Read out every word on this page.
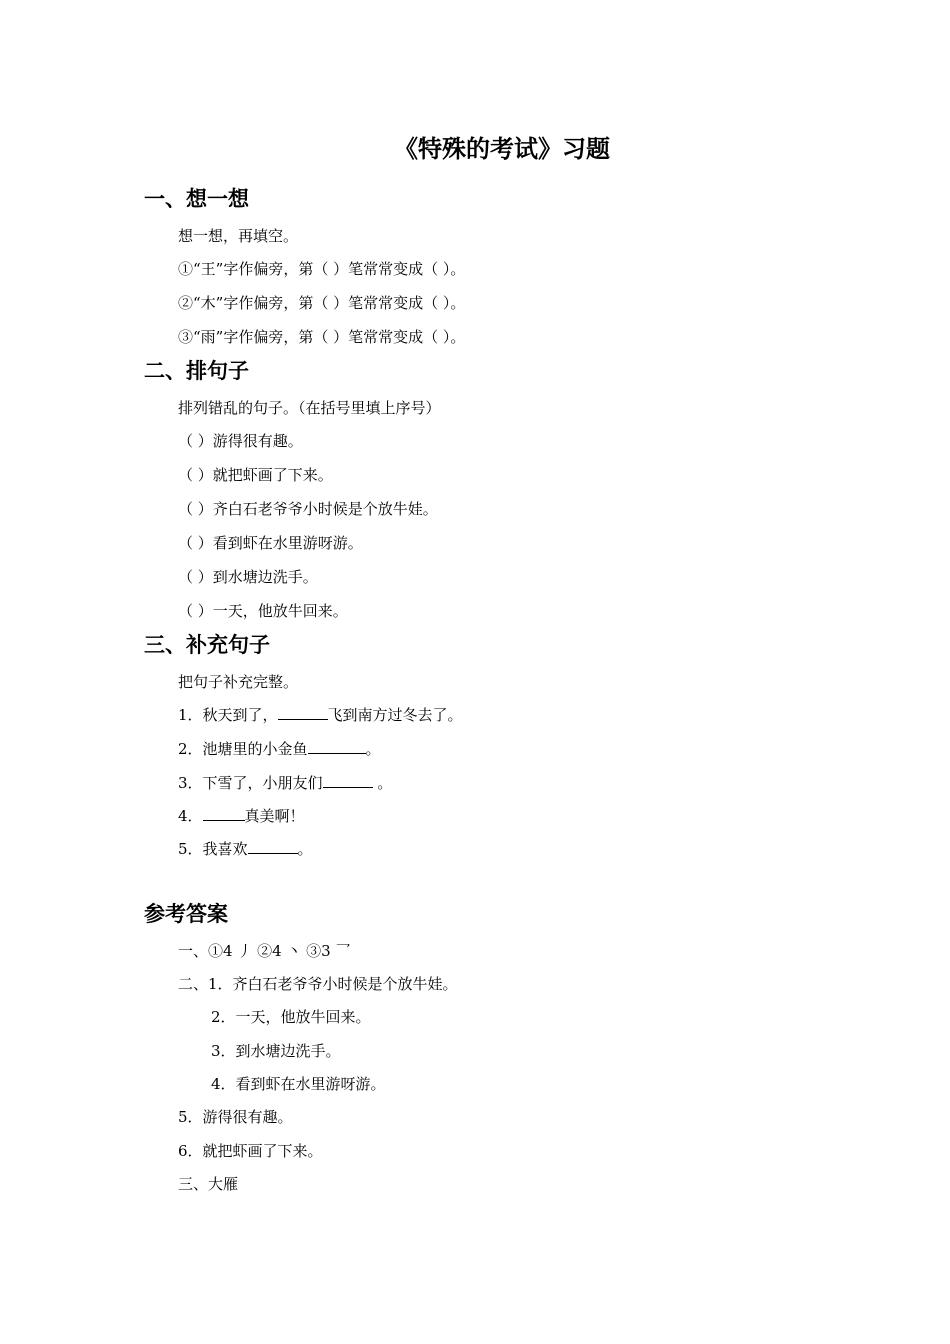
《特殊的考试》习题
一、想一想
想一想，再填空。
①“王”字作偏旁，第（ ）笔常常变成（ ）。
②“木”字作偏旁，第（ ）笔常常变成（ ）。
③“雨”字作偏旁，第（ ）笔常常变成（ ）。
二、排句子
排列错乱的句子。（在括号里填上序号）
（ ）游得很有趣。
（ ）就把虾画了下来。
（ ）齐白石老爷爷小时候是个放牛娃。
（ ）看到虾在水里游呀游。
（ ）到水塘边洗手。
（ ）一天，他放牛回来。
三、补充句子
把句子补充完整。
1．秋天到了，	飞到南方过冬去了。
2．池塘里的小金鱼	。
3．下雪了，小朋友们	。
4．	真美啊！
5．我喜欢	。
参考答案
一、①4 丿 ②4 丶 ③3 乛
二、1．齐白石老爷爷小时候是个放牛娃。
2．一天，他放牛回来。
3．到水塘边洗手。
4．看到虾在水里游呀游。
5．游得很有趣。
6．就把虾画了下来。
三、大雁
